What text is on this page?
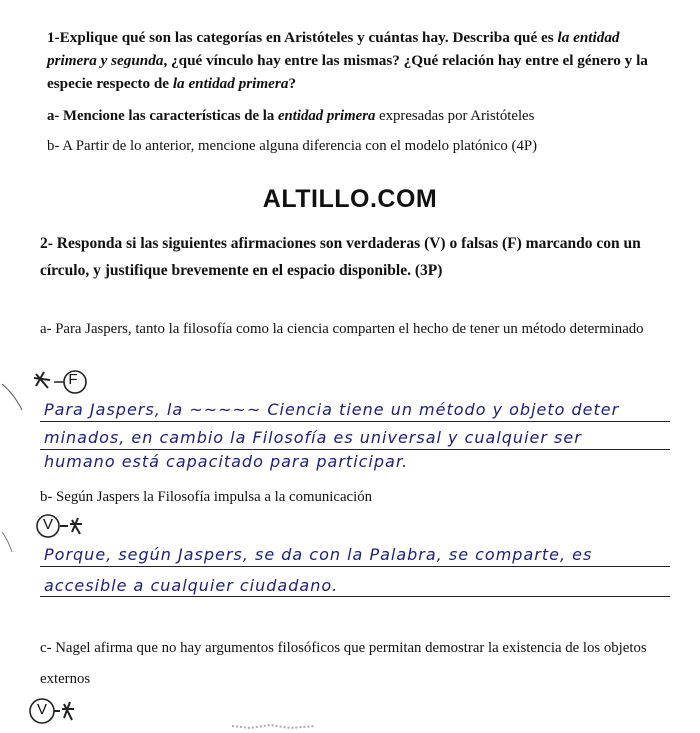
1-Explique qué son las categorías en Aristóteles y cuántas hay. Describa qué es la entidad primera y segunda, ¿qué vínculo hay entre las mismas? ¿Qué relación hay entre el género y la especie respecto de la entidad primera?
a- Mencione las características de la entidad primera expresadas por Aristóteles
b- A Partir de lo anterior, mencione alguna diferencia con el modelo platónico (4P)
ALTILLO.COM
2- Responda si las siguientes afirmaciones son verdaderas (V) o falsas (F) marcando con un círculo, y justifique brevemente en el espacio disponible. (3P)
a- Para Jaspers, tanto la filosofía como la ciencia comparten el hecho de tener un método determinado
F
Para Jaspers, la ~~~~~ Ciencia tiene un método y objeto deter
minados, en cambio la Filosofía es universal y cualquier ser
humano está capacitado para participar.
b- Según Jaspers la Filosofía impulsa a la comunicación
V
Porque, según Jaspers, se da con la Palabra, se comparte, es
accesible a cualquier ciudadano.
c- Nagel afirma que no hay argumentos filosóficos que permitan demostrar la existencia de los objetos externos
V
